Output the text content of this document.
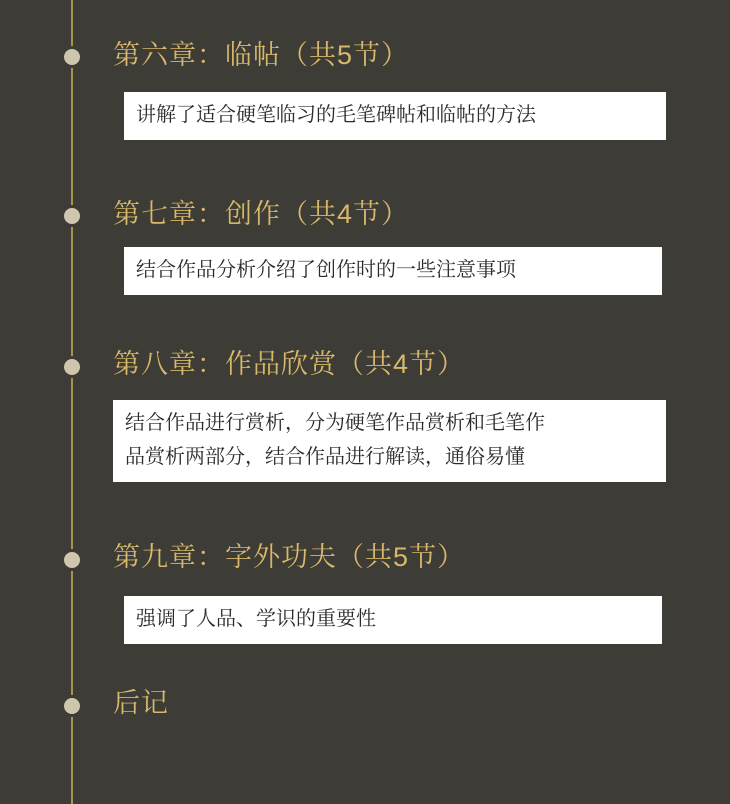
第六章：临帖（共5节）
讲解了适合硬笔临习的毛笔碑帖和临帖的方法
第七章：创作（共4节）
结合作品分析介绍了创作时的一些注意事项
第八章：作品欣赏（共4节）
结合作品进行赏析，分为硬笔作品赏析和毛笔作
品赏析两部分，结合作品进行解读，通俗易懂
第九章：字外功夫（共5节）
强调了人品、学识的重要性
后记
